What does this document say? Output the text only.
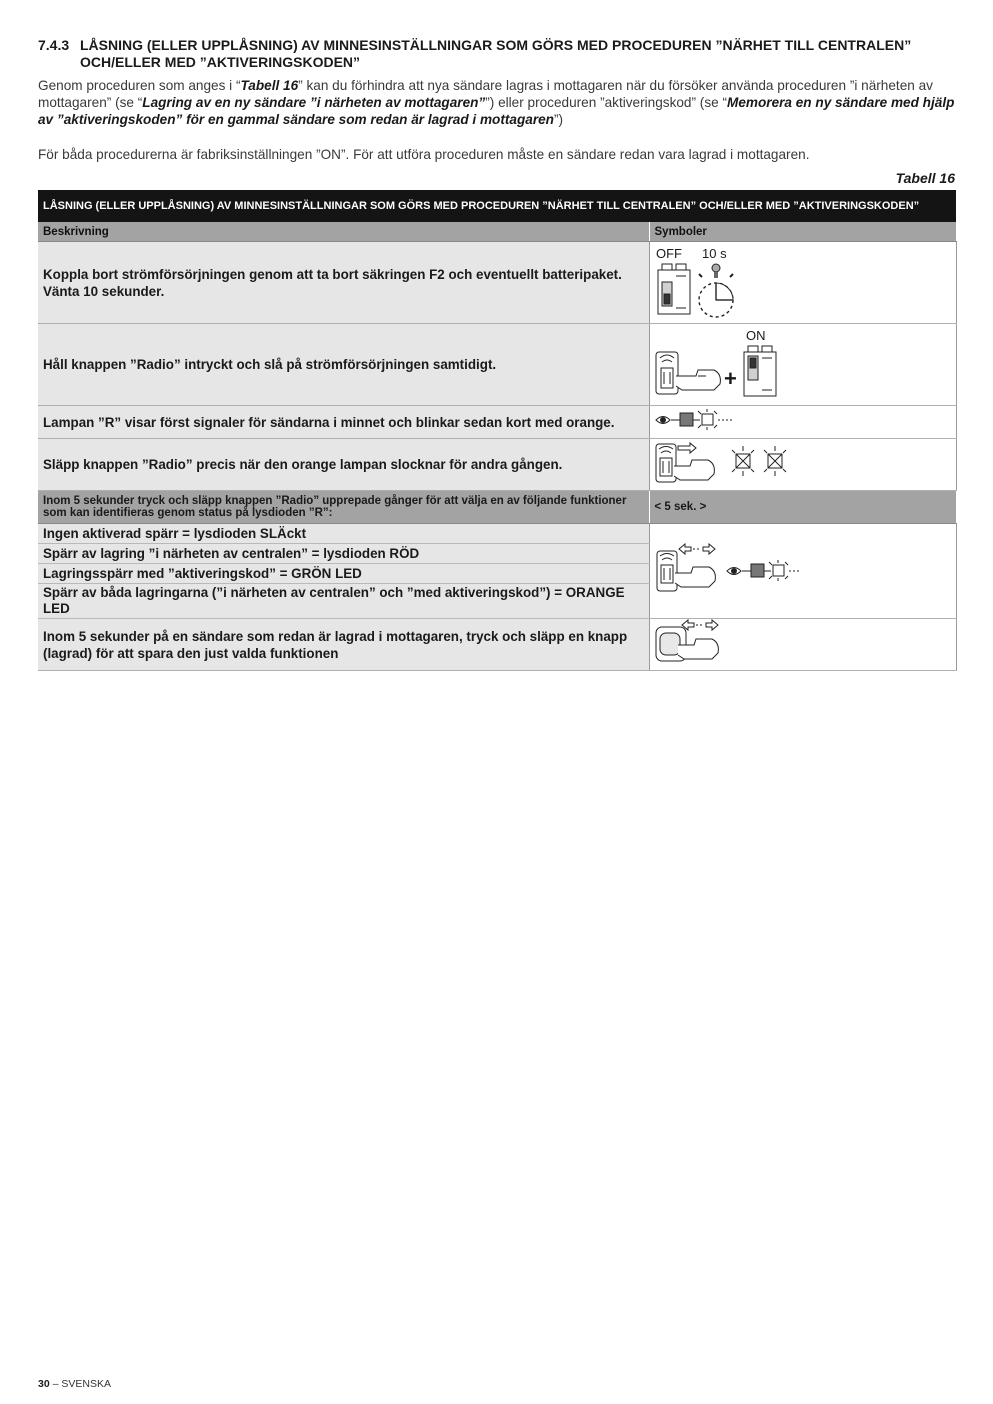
7.4.3 LÅSNING (ELLER UPPLÅSNING) AV MINNESINSTÄLLNINGAR SOM GÖRS MED PROCEDUREN ”NÄRHET TILL CENTRALEN” OCH/ELLER MED ”AKTIVERINGSKODEN”
Genom proceduren som anges i “Tabell 16” kan du förhindra att nya sändare lagras i mottagaren när du försöker använda proceduren ”i närheten av mottagaren” (se “Lagring av en ny sändare ”i närheten av mottagaren””) eller proceduren ”aktiveringskod” (se “Memorera en ny sändare med hjälp av ”aktiveringskoden” för en gammal sändare som redan är lagrad i mottagaren”)
För båda procedurerna är fabriksinställningen ”ON”. För att utföra proceduren måste en sändare redan vara lagrad i mottagaren.
Tabell 16
LÅSNING (ELLER UPPLÅSNING) AV MINNESINSTÄLLNINGAR SOM GÖRS MED PROCEDUREN ”NÄRHET TILL CENTRALEN” OCH/ELLER MED ”AKTIVERINGSKODEN”	
Beskrivning	Symboler
Koppla bort strömförsörjningen genom att ta bort säkringen F2 och eventuellt batteripaket. Vänta 10 sekunder.	OFF 10 s

Håll knappen ”Radio” intryckt och slå på strömförsörjningen samtidigt.	+
ON

Lampan ”R” visar först signaler för sändarna i minnet och blinkar sedan kort med orange.	
Släpp knappen ”Radio” precis när den orange lampan slocknar för andra gången.	
Inom 5 sekunder tryck och släpp knappen ”Radio” upprepade gånger för att välja en av följande funktioner som kan identifieras genom status på lysdioden ”R”:	< 5 sek. >
Ingen aktiverad spärr = lysdioden SLÄckt	
Spärr av lagring ”i närheten av centralen” = lysdioden RÖD	
Lagringsspärr med ”aktiveringskod” = GRÖN LED	
Spärr av båda lagringarna (”i närheten av centralen” och ”med aktiveringskod”) = ORANGE LED	
Inom 5 sekunder på en sändare som redan är lagrad i mottagaren, tryck och släpp en knapp (lagrad) för att spara den just valda funktionen	
30 – SVENSKA
